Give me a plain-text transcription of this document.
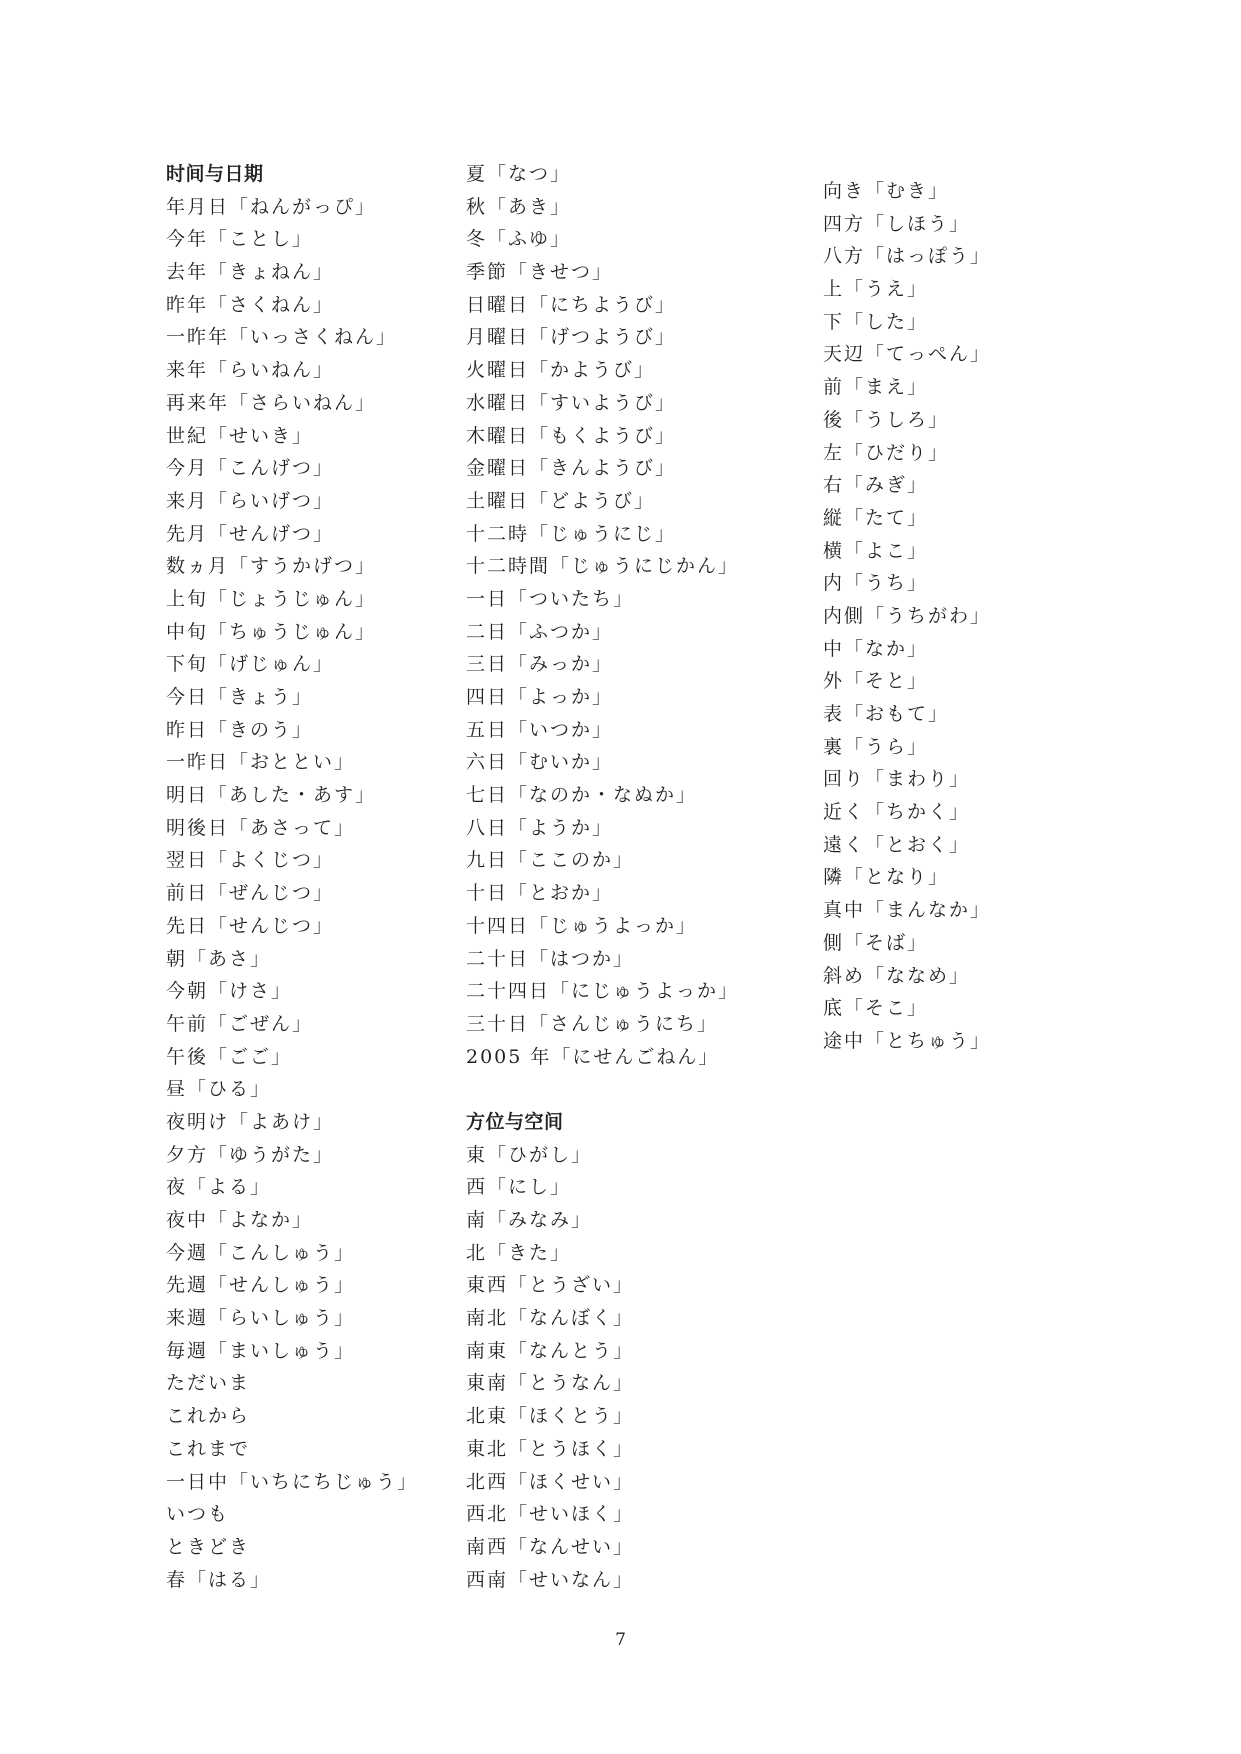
时间与日期
年月日「ねんがっぴ」
今年「ことし」
去年「きょねん」
昨年「さくねん」
一昨年「いっさくねん」
来年「らいねん」
再来年「さらいねん」
世紀「せいき」
今月「こんげつ」
来月「らいげつ」
先月「せんげつ」
数ヵ月「すうかげつ」
上旬「じょうじゅん」
中旬「ちゅうじゅん」
下旬「げじゅん」
今日「きょう」
昨日「きのう」
一昨日「おととい」
明日「あした・あす」
明後日「あさって」
翌日「よくじつ」
前日「ぜんじつ」
先日「せんじつ」
朝「あさ」
今朝「けさ」
午前「ごぜん」
午後「ごご」
昼「ひる」
夜明け「よあけ」
夕方「ゆうがた」
夜「よる」
夜中「よなか」
今週「こんしゅう」
先週「せんしゅう」
来週「らいしゅう」
毎週「まいしゅう」
ただいま
これから
これまで
一日中「いちにちじゅう」
いつも
ときどき
春「はる」
夏「なつ」
秋「あき」
冬「ふゆ」
季節「きせつ」
日曜日「にちようび」
月曜日「げつようび」
火曜日「かようび」
水曜日「すいようび」
木曜日「もくようび」
金曜日「きんようび」
土曜日「どようび」
十二時「じゅうにじ」
十二時間「じゅうにじかん」
一日「ついたち」
二日「ふつか」
三日「みっか」
四日「よっか」
五日「いつか」
六日「むいか」
七日「なのか・なぬか」
八日「ようか」
九日「ここのか」
十日「とおか」
十四日「じゅうよっか」
二十日「はつか」
二十四日「にじゅうよっか」
三十日「さんじゅうにち」
2005 年「にせんごねん」
方位与空间
東「ひがし」
西「にし」
南「みなみ」
北「きた」
東西「とうざい」
南北「なんぼく」
南東「なんとう」
東南「とうなん」
北東「ほくとう」
東北「とうほく」
北西「ほくせい」
西北「せいほく」
南西「なんせい」
西南「せいなん」
向き「むき」
四方「しほう」
八方「はっぽう」
上「うえ」
下「した」
天辺「てっぺん」
前「まえ」
後「うしろ」
左「ひだり」
右「みぎ」
縦「たて」
横「よこ」
内「うち」
内側「うちがわ」
中「なか」
外「そと」
表「おもて」
裏「うら」
回り「まわり」
近く「ちかく」
遠く「とおく」
隣「となり」
真中「まんなか」
側「そば」
斜め「ななめ」
底「そこ」
途中「とちゅう」
7
